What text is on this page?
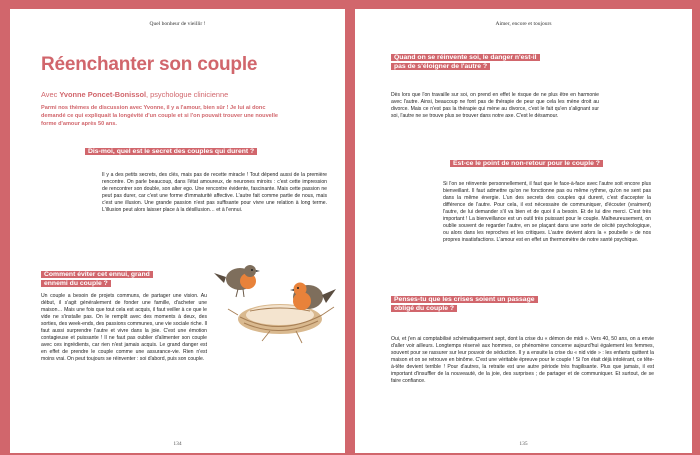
Quel bonheur de vieillir !
Réenchanter son couple
Avec Yvonne Poncet-Bonissol, psychologue clinicienne

Parmi nos thèmes de discussion avec Yvonne, il y a l'amour, bien sûr ! Je lui ai donc demandé ce qui expliquait la longévité d'un couple et si l'on pouvait trouver une nouvelle forme d'amour après 50 ans.

Dis-moi, quel est le secret des couples qui durent ?

Il y a des petits secrets, des clés, mais pas de recette miracle ! Tout dépend aussi de la première rencontre. On parle beaucoup, dans l'état amoureux, de neurones miroirs : c'est cette impression de rencontrer son double, son alter ego. Une rencontre évidente, fascinante. Mais cette passion ne peut pas durer, car c'est une forme d'immaturité affective. L'autre fait comme partie de nous, mais c'est une illusion. Une grande passion n'est pas suffisante pour vivre une relation à long terme. L'illusion peut alors laisser place à la désillusion… et à l'ennui.

Comment éviter cet ennui, grand ennemi du couple ?

Un couple a besoin de projets communs, de partager une vision. Au début, il s'agit généralement de fonder une famille, d'acheter une maison… Mais une fois que tout cela est acquis, il faut veiller à ce que le vide ne s'installe pas. On le remplit avec des moments à deux, des sorties, des week-ends, des passions communes, une vie sociale riche. Il faut aussi surprendre l'autre et vivre dans la joie. C'est une émotion contagieuse et puissante ! Il ne faut pas oublier d'alimenter son couple avec ces ingrédients, car rien n'est jamais acquis. Le grand danger est en effet de prendre le couple comme une assurance-vie. Rien n'est moins vrai. On peut toujours se réinventer : soi d'abord, puis son couple.

134
Aimer, encore et toujours
Quand on se réinvente soi, le danger n'est-il pas de s'éloigner de l'autre ?

Dès lors que l'on travaille sur soi, on prend en effet le risque de ne plus être en harmonie avec l'autre. Ainsi, beaucoup ne font pas de thérapie de peur que cela les mène droit au divorce. Mais ce n'est pas la thérapie qui mène au divorce, c'est le fait qu'en s'alignant sur soi, l'autre ne se trouve plus se trouver dans notre axe. C'est le désamour.

Est-ce le point de non-retour pour le couple ?

Si l'on se réinvente personnellement, il faut que le face-à-face avec l'autre soit encore plus bienveillant. Il faut admettre qu'on ne fonctionne pas ou même rythme, qu'on ne sent pas dans la même énergie. L'un des secrets des couples qui durent, c'est d'accepter la différence de l'autre. Pour cela, il est nécessaire de communiquer, d'écouter (vraiment) l'autre, de lui demander s'il va bien et de quoi il a besoin. Et de lui dire merci. C'est très important ! La bienveillance est un outil très puissant pour le couple. Malheureusement, on oublie souvent de regarder l'autre, en se plaçant dans une sorte de cécité psychologique, ou alors dans les reproches et les critiques. L'autre devient alors la « poubelle » de nos propres insatisfactions. L'amour est en effet un thermomètre de notre santé psychique.

Penses-tu que les crises soient un passage obligé du couple ?

Oui, et j'en ai comptabilisé schématiquement sept, dont la crise du « démon de midi ». Vers 40, 50 ans, on a envie d'aller voir ailleurs. Longtemps réservé aux hommes, ce phénomène concerne aujourd'hui également les femmes, souvent pour se rassurer sur leur pouvoir de séduction. Il y a ensuite la crise du « nid vide » : les enfants quittent la maison et on se retrouve en binôme. C'est une véritable épreuve pour le couple ! Si l'on était déjà intolérant, ce tête-à-tête devient terrible ! Pour d'autres, la retraite est une autre période très fragilisante. Plus que jamais, il est important d'insuffler de la nouveauté, de la joie, des surprises ; de partager et de communiquer. Et surtout, de se faire confiance.

135
